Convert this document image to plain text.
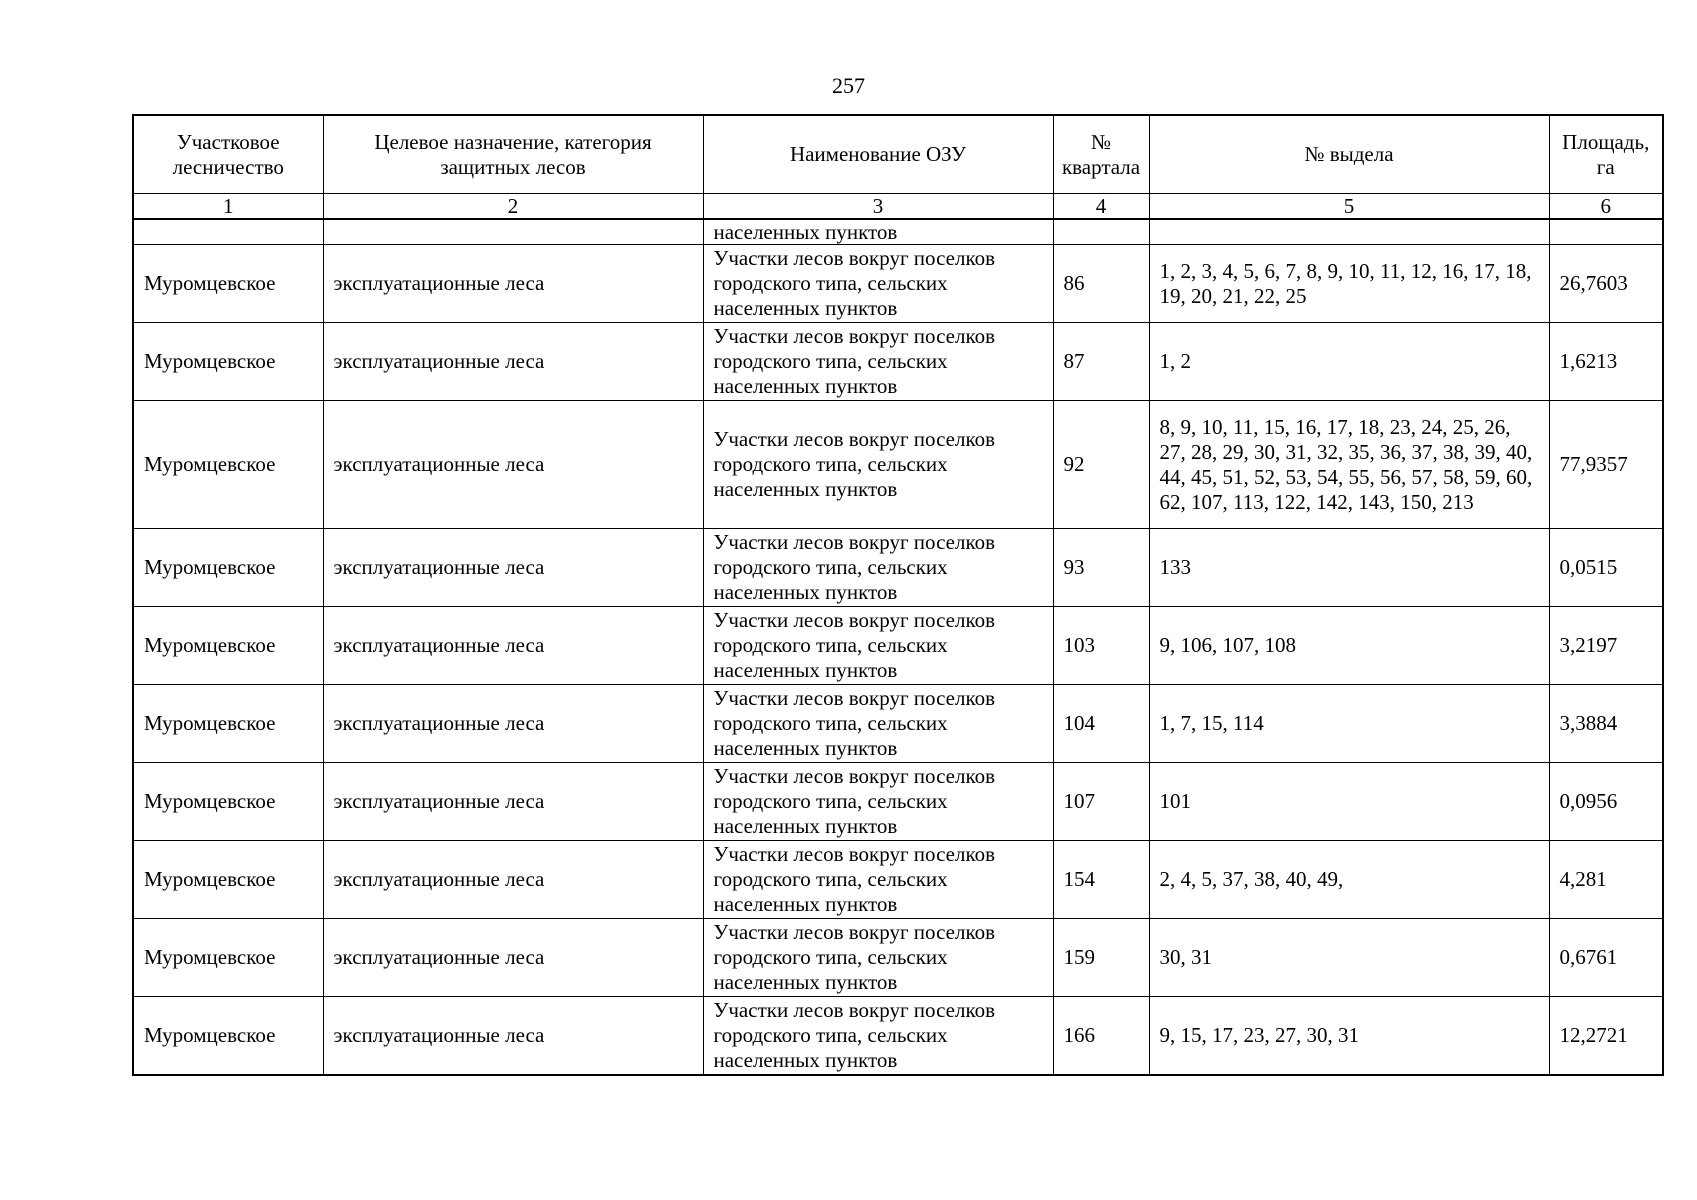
257
Участковое лесничество	Целевое назначение, категория защитных лесов	Наименование ОЗУ	№ квартала	№ выдела	Площадь, га
1	2	3	4	5	6
		населенных пунктов			
Муромцевское	эксплуатационные леса	Участки лесов вокруг поселков городского типа, сельских населенных пунктов	86	1, 2, 3, 4, 5, 6, 7, 8, 9, 10, 11, 12, 16, 17, 18, 19, 20, 21, 22, 25	26,7603
Муромцевское	эксплуатационные леса	Участки лесов вокруг поселков городского типа, сельских населенных пунктов	87	1, 2	1,6213
Муромцевское	эксплуатационные леса	Участки лесов вокруг поселков городского типа, сельских населенных пунктов	92	8, 9, 10, 11, 15, 16, 17, 18, 23, 24, 25, 26, 27, 28, 29, 30, 31, 32, 35, 36, 37, 38, 39, 40, 44, 45, 51, 52, 53, 54, 55, 56, 57, 58, 59, 60, 62, 107, 113, 122, 142, 143, 150, 213	77,9357
Муромцевское	эксплуатационные леса	Участки лесов вокруг поселков городского типа, сельских населенных пунктов	93	133	0,0515
Муромцевское	эксплуатационные леса	Участки лесов вокруг поселков городского типа, сельских населенных пунктов	103	9, 106, 107, 108	3,2197
Муромцевское	эксплуатационные леса	Участки лесов вокруг поселков городского типа, сельских населенных пунктов	104	1, 7, 15, 114	3,3884
Муромцевское	эксплуатационные леса	Участки лесов вокруг поселков городского типа, сельских населенных пунктов	107	101	0,0956
Муромцевское	эксплуатационные леса	Участки лесов вокруг поселков городского типа, сельских населенных пунктов	154	2, 4, 5, 37, 38, 40, 49,	4,281
Муромцевское	эксплуатационные леса	Участки лесов вокруг поселков городского типа, сельских населенных пунктов	159	30, 31	0,6761
Муромцевское	эксплуатационные леса	Участки лесов вокруг поселков городского типа, сельских населенных пунктов	166	9, 15, 17, 23, 27, 30, 31	12,2721
